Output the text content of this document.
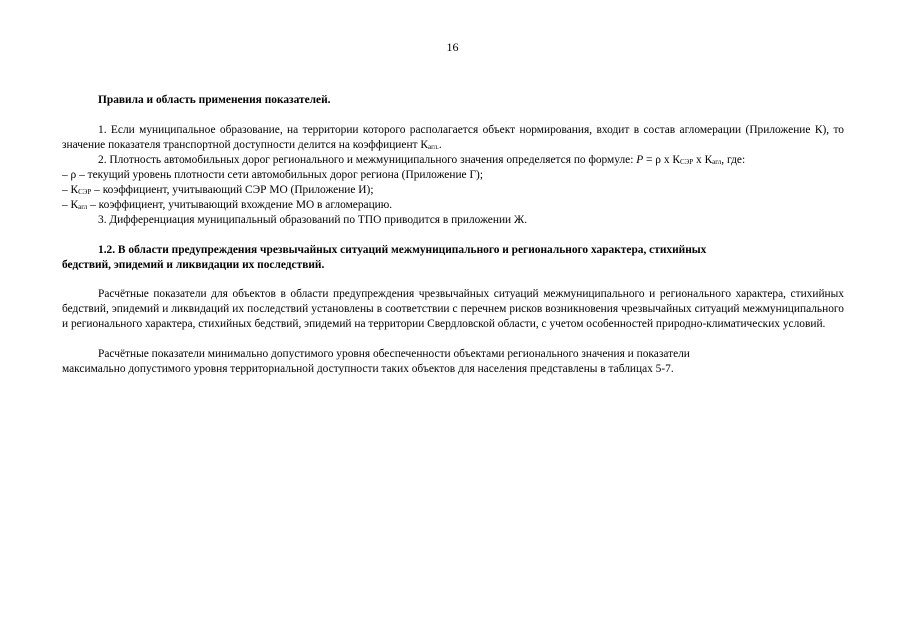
16
Правила и область применения показателей.
1. Если муниципальное образование, на территории которого располагается объект нормирования, входит в состав агломерации (Приложение К), то значение показателя транспортной доступности делится на коэффициент $К_{агл.}$.
2. Плотность автомобильных дорог регионального и межмуниципального значения определяется по формуле: P = ρ х $К_{СЭР}$ х $К_{агл}$, где:
– ρ – текущий уровень плотности сети автомобильных дорог региона (Приложение Г);
– $К_{СЭР}$ – коэффициент, учитывающий СЭР МО (Приложение И);
– $К_{агл}$ – коэффициент, учитывающий вхождение МО в агломерацию.
3. Дифференциация муниципальный образований по ТПО приводится в приложении Ж.
1.2. В области предупреждения чрезвычайных ситуаций межмуниципального и регионального характера, стихийных
бедствий, эпидемий и ликвидации их последствий.
Расчётные показатели для объектов в области предупреждения чрезвычайных ситуаций межмуниципального и регионального характера, стихийных бедствий, эпидемий и ликвидаций их последствий установлены в соответствии с перечнем рисков возникновения чрезвычайных ситуаций межмуниципального и регионального характера, стихийных бедствий, эпидемий на территории Свердловской области, с учетом особенностей природно-климатических условий.
Расчётные показатели минимально допустимого уровня обеспеченности объектами регионального значения и показатели
максимально допустимого уровня территориальной доступности таких объектов для населения представлены в таблицах 5-7.
